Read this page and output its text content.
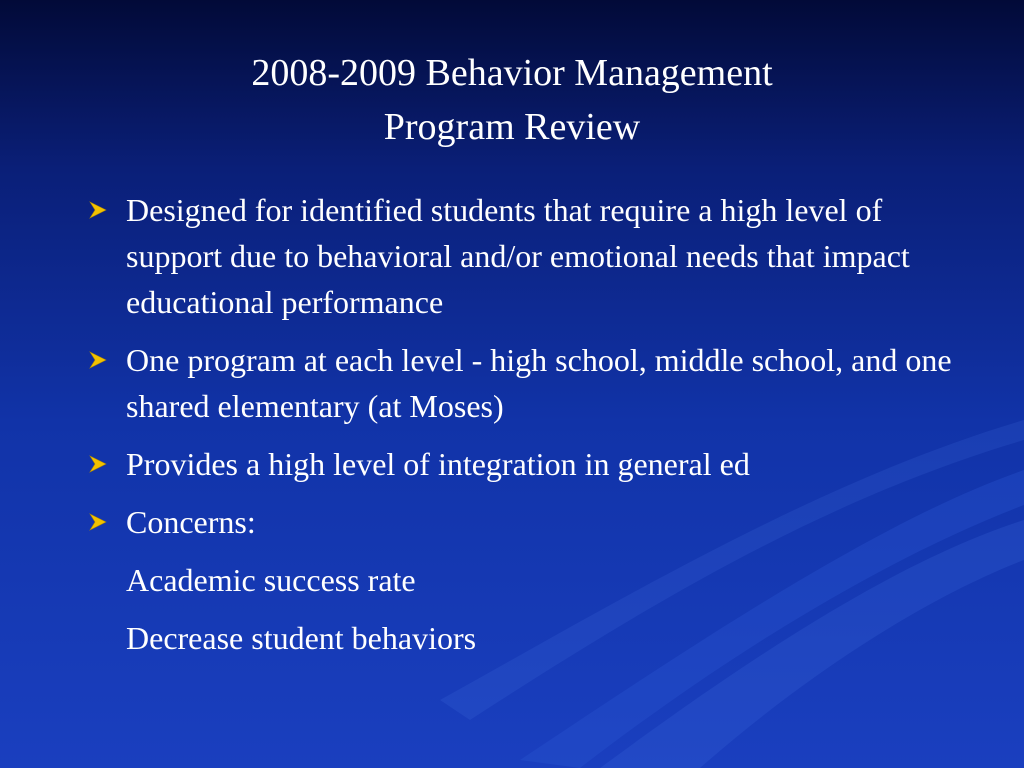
2008-2009 Behavior Management
Program Review
Designed for identified students that require a high level of support due to behavioral and/or emotional needs that impact educational performance
One program at each level - high school, middle school, and one shared elementary (at Moses)
Provides a high level of integration in general ed
Concerns:
Academic success rate
Decrease student behaviors
